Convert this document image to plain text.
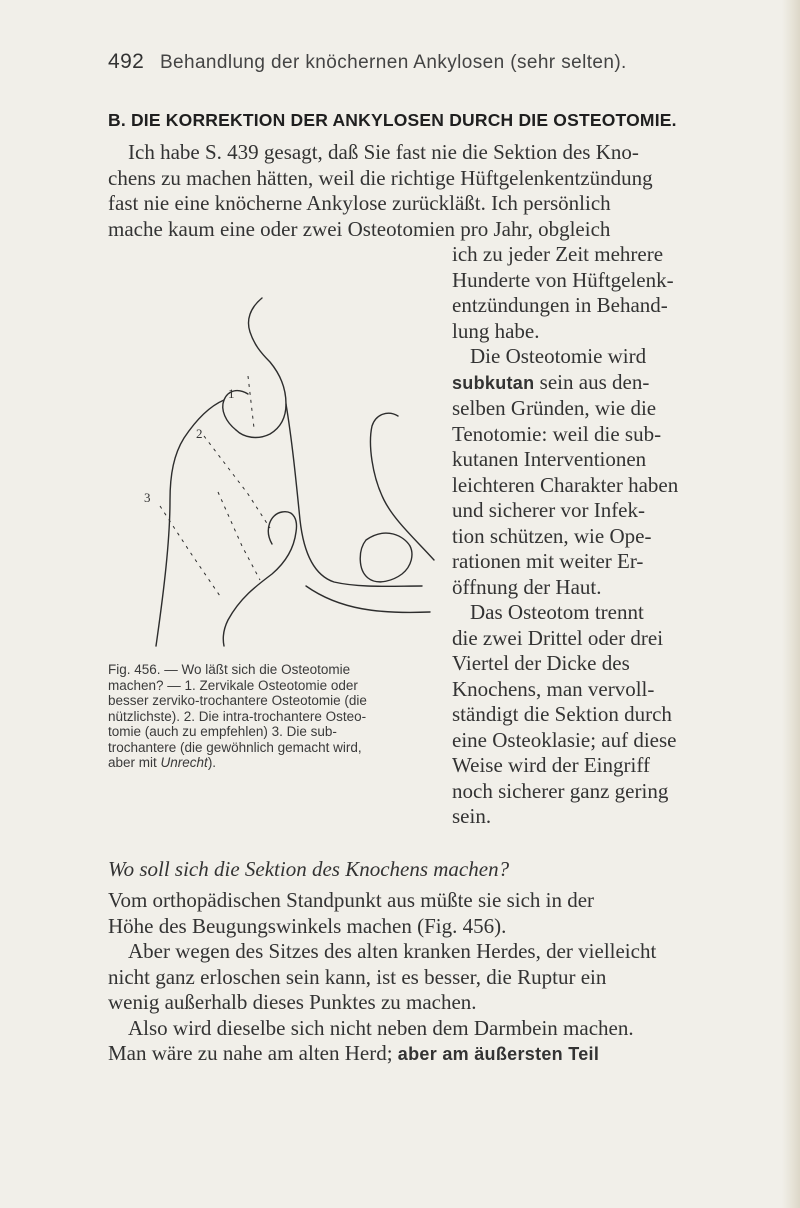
492 Behandlung der knöchernen Ankylosen (sehr selten).
B. DIE KORREKTION DER ANKYLOSEN DURCH DIE OSTEOTOMIE.
Ich habe S. 439 gesagt, daß Sie fast nie die Sektion des Kno-
chens zu machen hätten, weil die richtige Hüftgelenkentzündung
fast nie eine knöcherne Ankylose zurückläßt. Ich persönlich
mache kaum eine oder zwei Osteotomien pro Jahr, obgleich
ich zu jeder Zeit mehrere
Hunderte von Hüftgelenk-
entzündungen in Behand-
lung habe.
Die Osteotomie wird
subkutan sein aus den-
selben Gründen, wie die
Tenotomie: weil die sub-
kutanen Interventionen
leichteren Charakter haben
und sicherer vor Infek-
tion schützen, wie Ope-
rationen mit weiter Er-
öffnung der Haut.
Das Osteotom trennt
die zwei Drittel oder drei
Viertel der Dicke des
Knochens, man vervoll-
ständigt die Sektion durch
eine Osteoklasie; auf diese
Weise wird der Eingriff
noch sicherer ganz gering
sein.
1
2
3
Fig. 456. — Wo läßt sich die Osteotomie
machen? — 1. Zervikale Osteotomie oder
besser zerviko-trochantere Osteotomie (die
nützlichste). 2. Die intra-trochantere Osteo-
tomie (auch zu empfehlen) 3. Die sub-
trochantere (die gewöhnlich gemacht wird,
aber mit Unrecht).
Wo soll sich die Sektion des Knochens machen?
Vom orthopädischen Standpunkt aus müßte sie sich in der
Höhe des Beugungswinkels machen (Fig. 456).
Aber wegen des Sitzes des alten kranken Herdes, der vielleicht
nicht ganz erloschen sein kann, ist es besser, die Ruptur ein
wenig außerhalb dieses Punktes zu machen.
Also wird dieselbe sich nicht neben dem Darmbein machen.
Man wäre zu nahe am alten Herd; aber am äußersten Teil
